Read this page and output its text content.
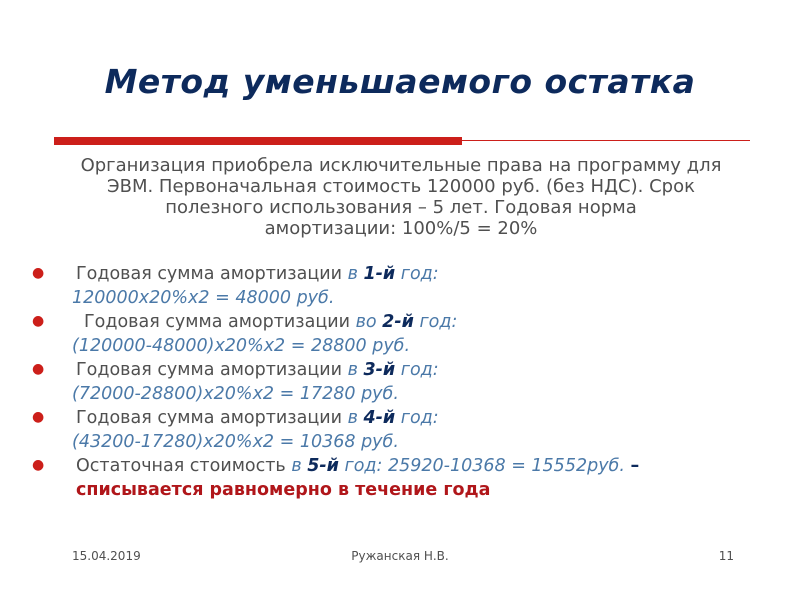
Метод уменьшаемого остатка
Организация приобрела исключительные права на программу для
ЭВМ. Первоначальная стоимость 120000 руб. (без НДС). Срок
полезного использования – 5 лет. Годовая норма
амортизации: 100%/5 = 20%
●	Годовая сумма амортизации в 1-й год:
120000х20%х2 = 48000 руб.
●	Годовая сумма амортизации во 2-й год:
(120000-48000)х20%х2 = 28800 руб.
●	Годовая сумма амортизации в 3-й год:
(72000-28800)х20%х2 = 17280 руб.
●	Годовая сумма амортизации в 4-й год:
(43200-17280)х20%х2 = 10368 руб.
●	Остаточная стоимость в 5-й год: 25920-10368 = 15552руб. –
списывается равномерно в течение года
15.04.2019	Ружанская Н.В.	11
